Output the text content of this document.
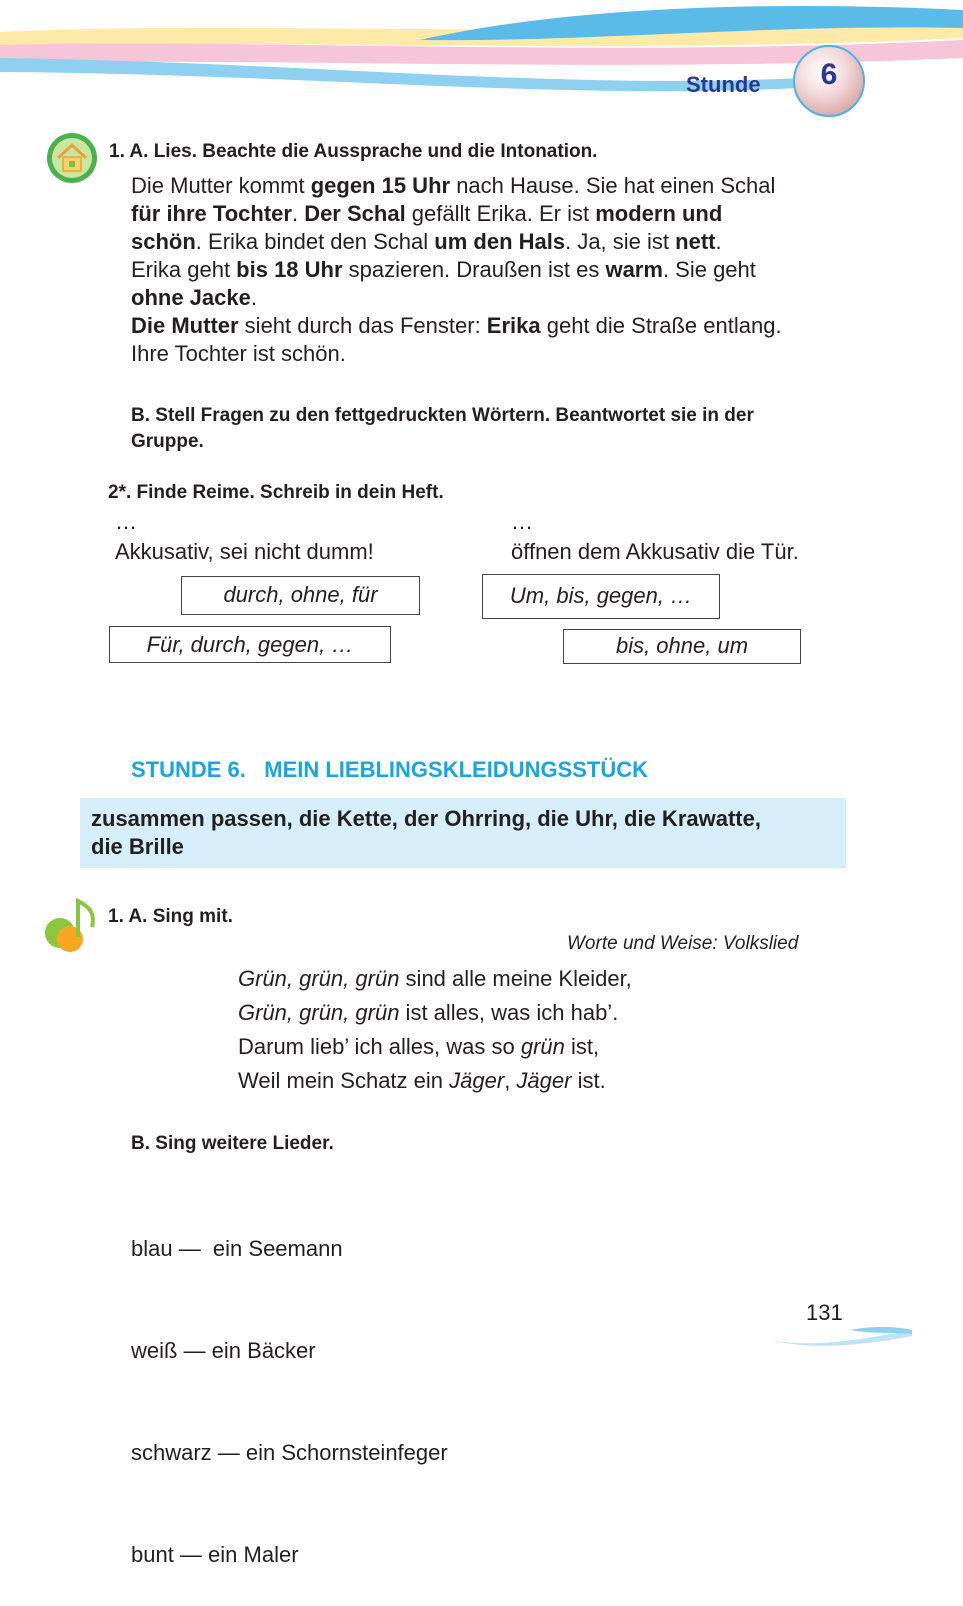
Stunde	6
1. A. Lies. Beachte die Aussprache und die Intonation.
Die Mutter kommt gegen 15 Uhr nach Hause. Sie hat einen Schal
für ihre Tochter. Der Schal gefällt Erika. Er ist modern und
schön. Erika bindet den Schal um den Hals. Ja, sie ist nett.
Erika geht bis 18 Uhr spazieren. Draußen ist es warm. Sie geht
ohne Jacke.
Die Mutter sieht durch das Fenster: Erika geht die Straße entlang.
Ihre Tochter ist schön.
B. Stell Fragen zu den fettgedruckten Wörtern. Beantwortet sie in der
Gruppe.
2*. Finde Reime. Schreib in dein Heft.
…
Akkusativ, sei nicht dumm!
…
öffnen dem Akkusativ die Tür.
durch, ohne, für	Um, bis, gegen, …
Für, durch, gegen, …	bis, ohne, um
STUNDE 6.   MEIN LIEBLINGSKLEIDUNGSSTÜCK
zusammen passen, die Kette, der Ohrring, die Uhr, die Krawatte,
die Brille
1. A. Sing mit.
Worte und Weise: Volkslied
Grün, grün, grün sind alle meine Kleider,
Grün, grün, grün ist alles, was ich hab’.
Darum lieb’ ich alles, was so grün ist,
Weil mein Schatz ein Jäger, Jäger ist.
B. Sing weitere Lieder.

blau —  ein Seemann

weiß — ein Bäcker

schwarz — ein Schornsteinfeger

bunt — ein Maler

131
